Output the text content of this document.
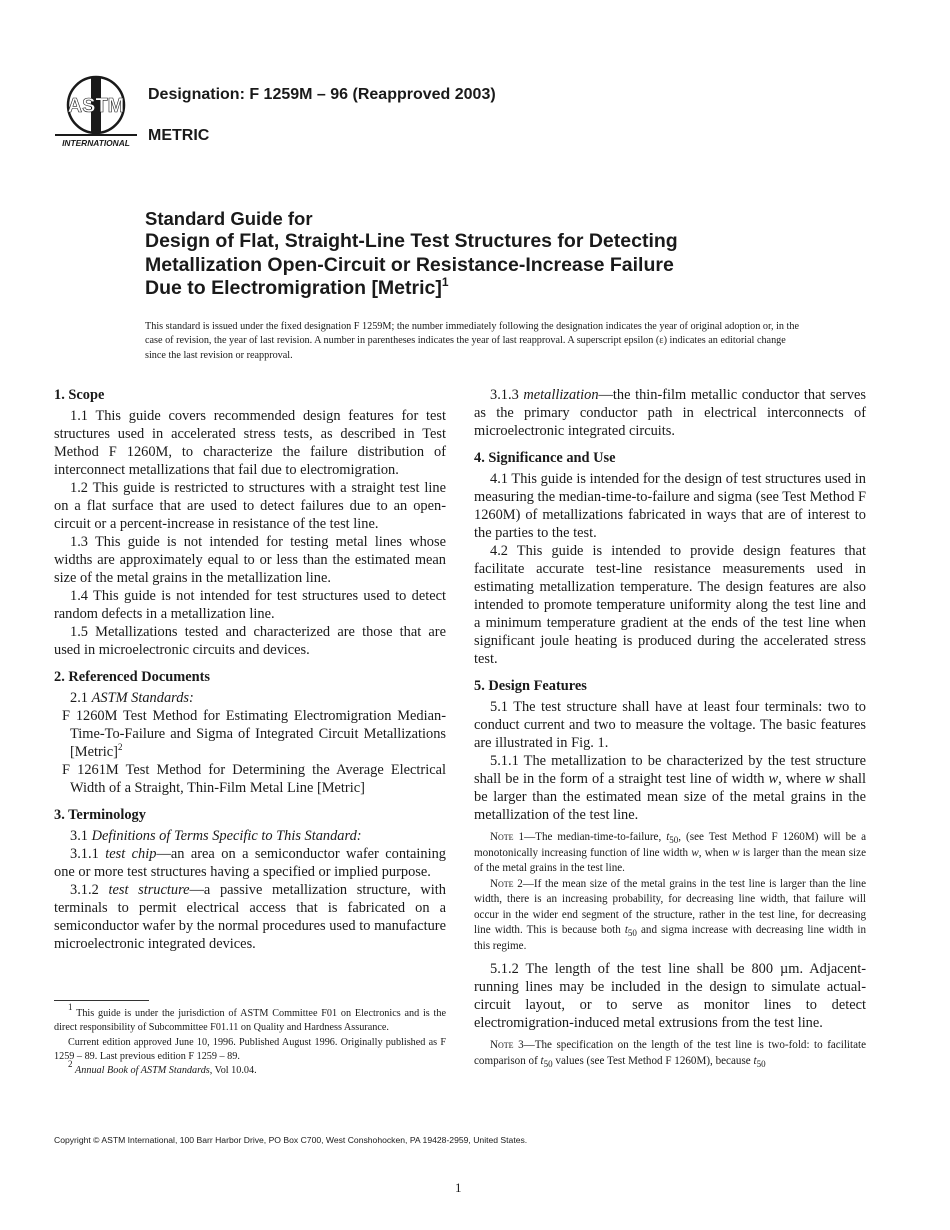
ASTM
INTERNATIONAL
Designation: F 1259M – 96 (Reapproved 2003)
METRIC
Standard Guide for
Design of Flat, Straight-Line Test Structures for Detecting
Metallization Open-Circuit or Resistance-Increase Failure
Due to Electromigration [Metric]$^1$
This standard is issued under the fixed designation F 1259M; the number immediately following the designation indicates the year of original adoption or, in the case of revision, the year of last revision. A number in parentheses indicates the year of last reapproval. A superscript epsilon (ε) indicates an editorial change since the last revision or reapproval.

1. Scope

1.1 This guide covers recommended design features for test structures used in accelerated stress tests, as described in Test Method F 1260M, to characterize the failure distribution of interconnect metallizations that fail due to electromigration.

1.2 This guide is restricted to structures with a straight test line on a flat surface that are used to detect failures due to an open-circuit or a percent-increase in resistance of the test line.

1.3 This guide is not intended for testing metal lines whose widths are approximately equal to or less than the estimated mean size of the metal grains in the metallization line.

1.4 This guide is not intended for test structures used to detect random defects in a metallization line.

1.5 Metallizations tested and characterized are those that are used in microelectronic circuits and devices.

2. Referenced Documents

2.1 ASTM Standards:

F 1260M Test Method for Estimating Electromigration Median-Time-To-Failure and Sigma of Integrated Circuit Metallizations [Metric]$^2$

F 1261M Test Method for Determining the Average Electrical Width of a Straight, Thin-Film Metal Line [Metric]

3. Terminology

3.1 Definitions of Terms Specific to This Standard:

3.1.1 test chip—an area on a semiconductor wafer containing one or more test structures having a specified or implied purpose.

3.1.2 test structure—a passive metallization structure, with terminals to permit electrical access that is fabricated on a semiconductor wafer by the normal procedures used to manufacture microelectronic integrated devices.

$^1$ This guide is under the jurisdiction of ASTM Committee F01 on Electronics and is the direct responsibility of Subcommittee F01.11 on Quality and Hardness Assurance.

Current edition approved June 10, 1996. Published August 1996. Originally published as F 1259 – 89. Last previous edition F 1259 – 89.

$^2$ Annual Book of ASTM Standards, Vol 10.04.

3.1.3 metallization—the thin-film metallic conductor that serves as the primary conductor path in electrical interconnects of microelectronic integrated circuits.

4. Significance and Use

4.1 This guide is intended for the design of test structures used in measuring the median-time-to-failure and sigma (see Test Method F 1260M) of metallizations fabricated in ways that are of interest to the parties to the test.

4.2 This guide is intended to provide design features that facilitate accurate test-line resistance measurements used in estimating metallization temperature. The design features are also intended to promote temperature uniformity along the test line and a minimum temperature gradient at the ends of the test line when significant joule heating is produced during the accelerated stress test.

5. Design Features

5.1 The test structure shall have at least four terminals: two to conduct current and two to measure the voltage. The basic features are illustrated in Fig. 1.

5.1.1 The metallization to be characterized by the test structure shall be in the form of a straight test line of width w, where w shall be larger than the estimated mean size of the metal grains in the metallization of the test line.

Note 1—The median-time-to-failure, $t_{50}$, (see Test Method F 1260M) will be a monotonically increasing function of line width w, when w is larger than the mean size of the metal grains in the test line.

Note 2—If the mean size of the metal grains in the test line is larger than the line width, there is an increasing probability, for decreasing line width, that failure will occur in the wider end segment of the structure, rather in the test line, for decreasing line width. This is because both $t_{50}$ and sigma increase with decreasing line width in this regime.

5.1.2 The length of the test line shall be 800 µm. Adjacent-running lines may be included in the design to simulate actual-circuit layout, or to serve as monitor lines to detect electromigration-induced metal extrusions from the test line.

Note 3—The specification on the length of the test line is two-fold: to facilitate comparison of $t_{50}$ values (see Test Method F 1260M), because $t_{50}$

Copyright © ASTM International, 100 Barr Harbor Drive, PO Box C700, West Conshohocken, PA 19428-2959, United States.
1
